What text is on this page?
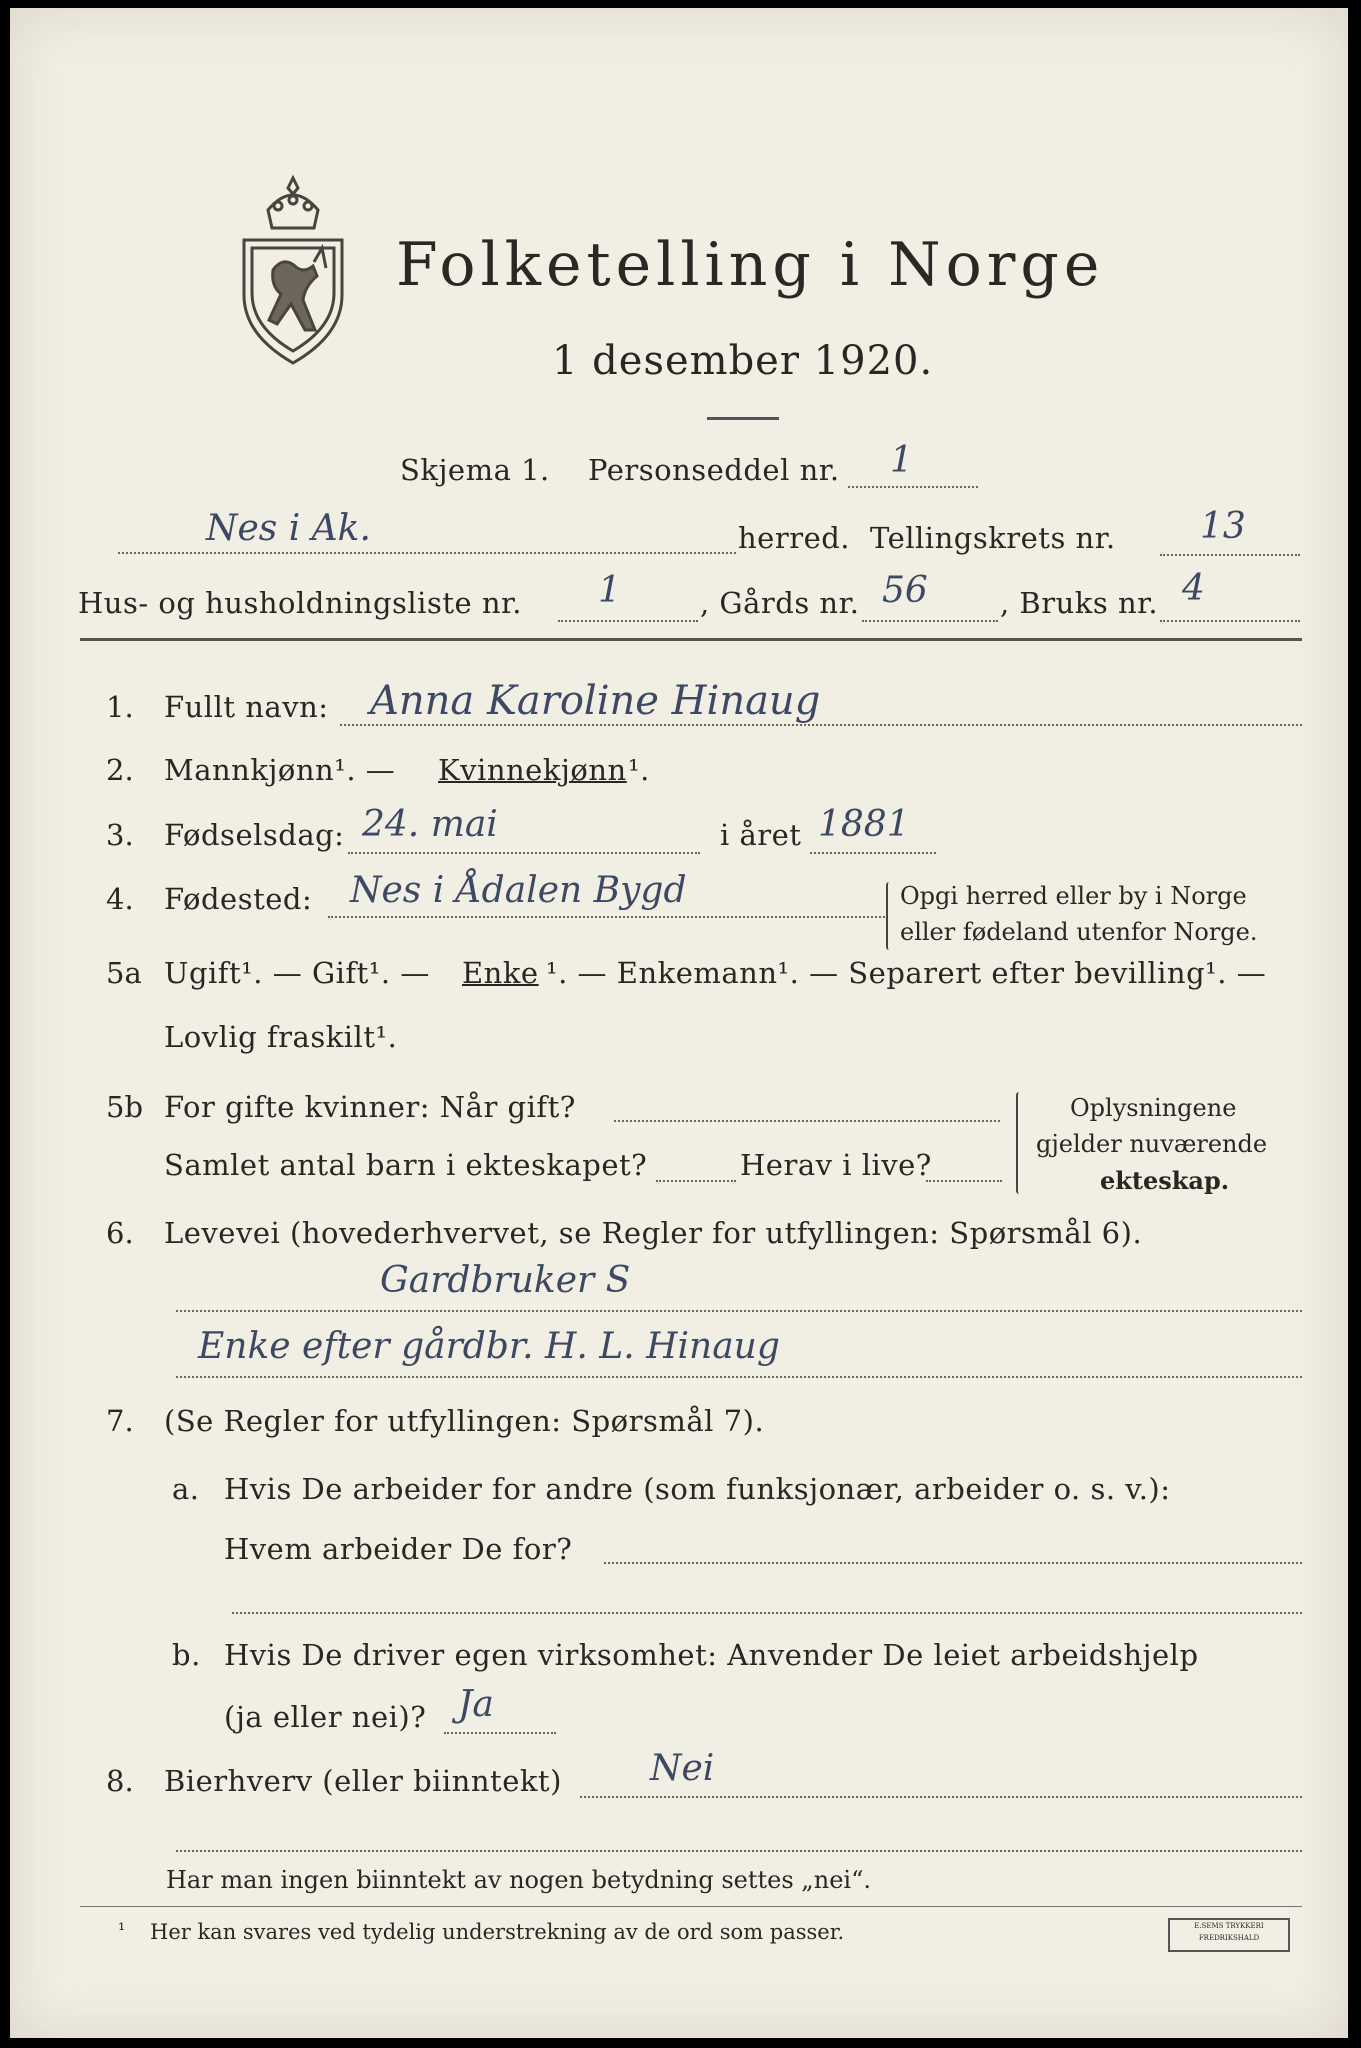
Folketelling i Norge
1 desember 1920.
Skjema 1. Personseddel nr. 1
Nes i Ak.	herred. Tellingskrets nr. 13
Hus- og husholdningsliste nr. 1	, Gårds nr. 56 , Bruks nr. 4
1. Fullt navn: Anna Karoline Hinaug
2. Mannkjønn¹. — Kvinnekjønn ¹.
3. Fødselsdag: 24. mai	i året 1881
4. Fødested: Nes i Ådalen Bygd	Opgi herred eller by i Norge
eller fødeland utenfor Norge.
5a Ugift¹. — Gift¹. — Enke ¹. — Enkemann¹. — Separert efter bevilling¹. —
Lovlig fraskilt¹.
5b For gifte kvinner: Når gift?
Samlet antal barn i ekteskapet?	Herav i live?
Oplysningene
gjelder nuværende
ekteskap.
6. Levevei (hovederhvervet, se Regler for utfyllingen: Spørsmål 6).
Gardbruker S
Enke efter gårdbr. H. L. Hinaug
7. (Se Regler for utfyllingen: Spørsmål 7).
a. Hvis De arbeider for andre (som funksjonær, arbeider o. s. v.):
Hvem arbeider De for?
b. Hvis De driver egen virksomhet: Anvender De leiet arbeidshjelp
(ja eller nei)? Ja
8. Bierhverv (eller biinntekt) Nei
Har man ingen biinntekt av nogen betydning settes „nei“.
¹ Her kan svares ved tydelig understrekning av de ord som passer.	E.SEMS TRYKKERI
FREDRIKSHALD
